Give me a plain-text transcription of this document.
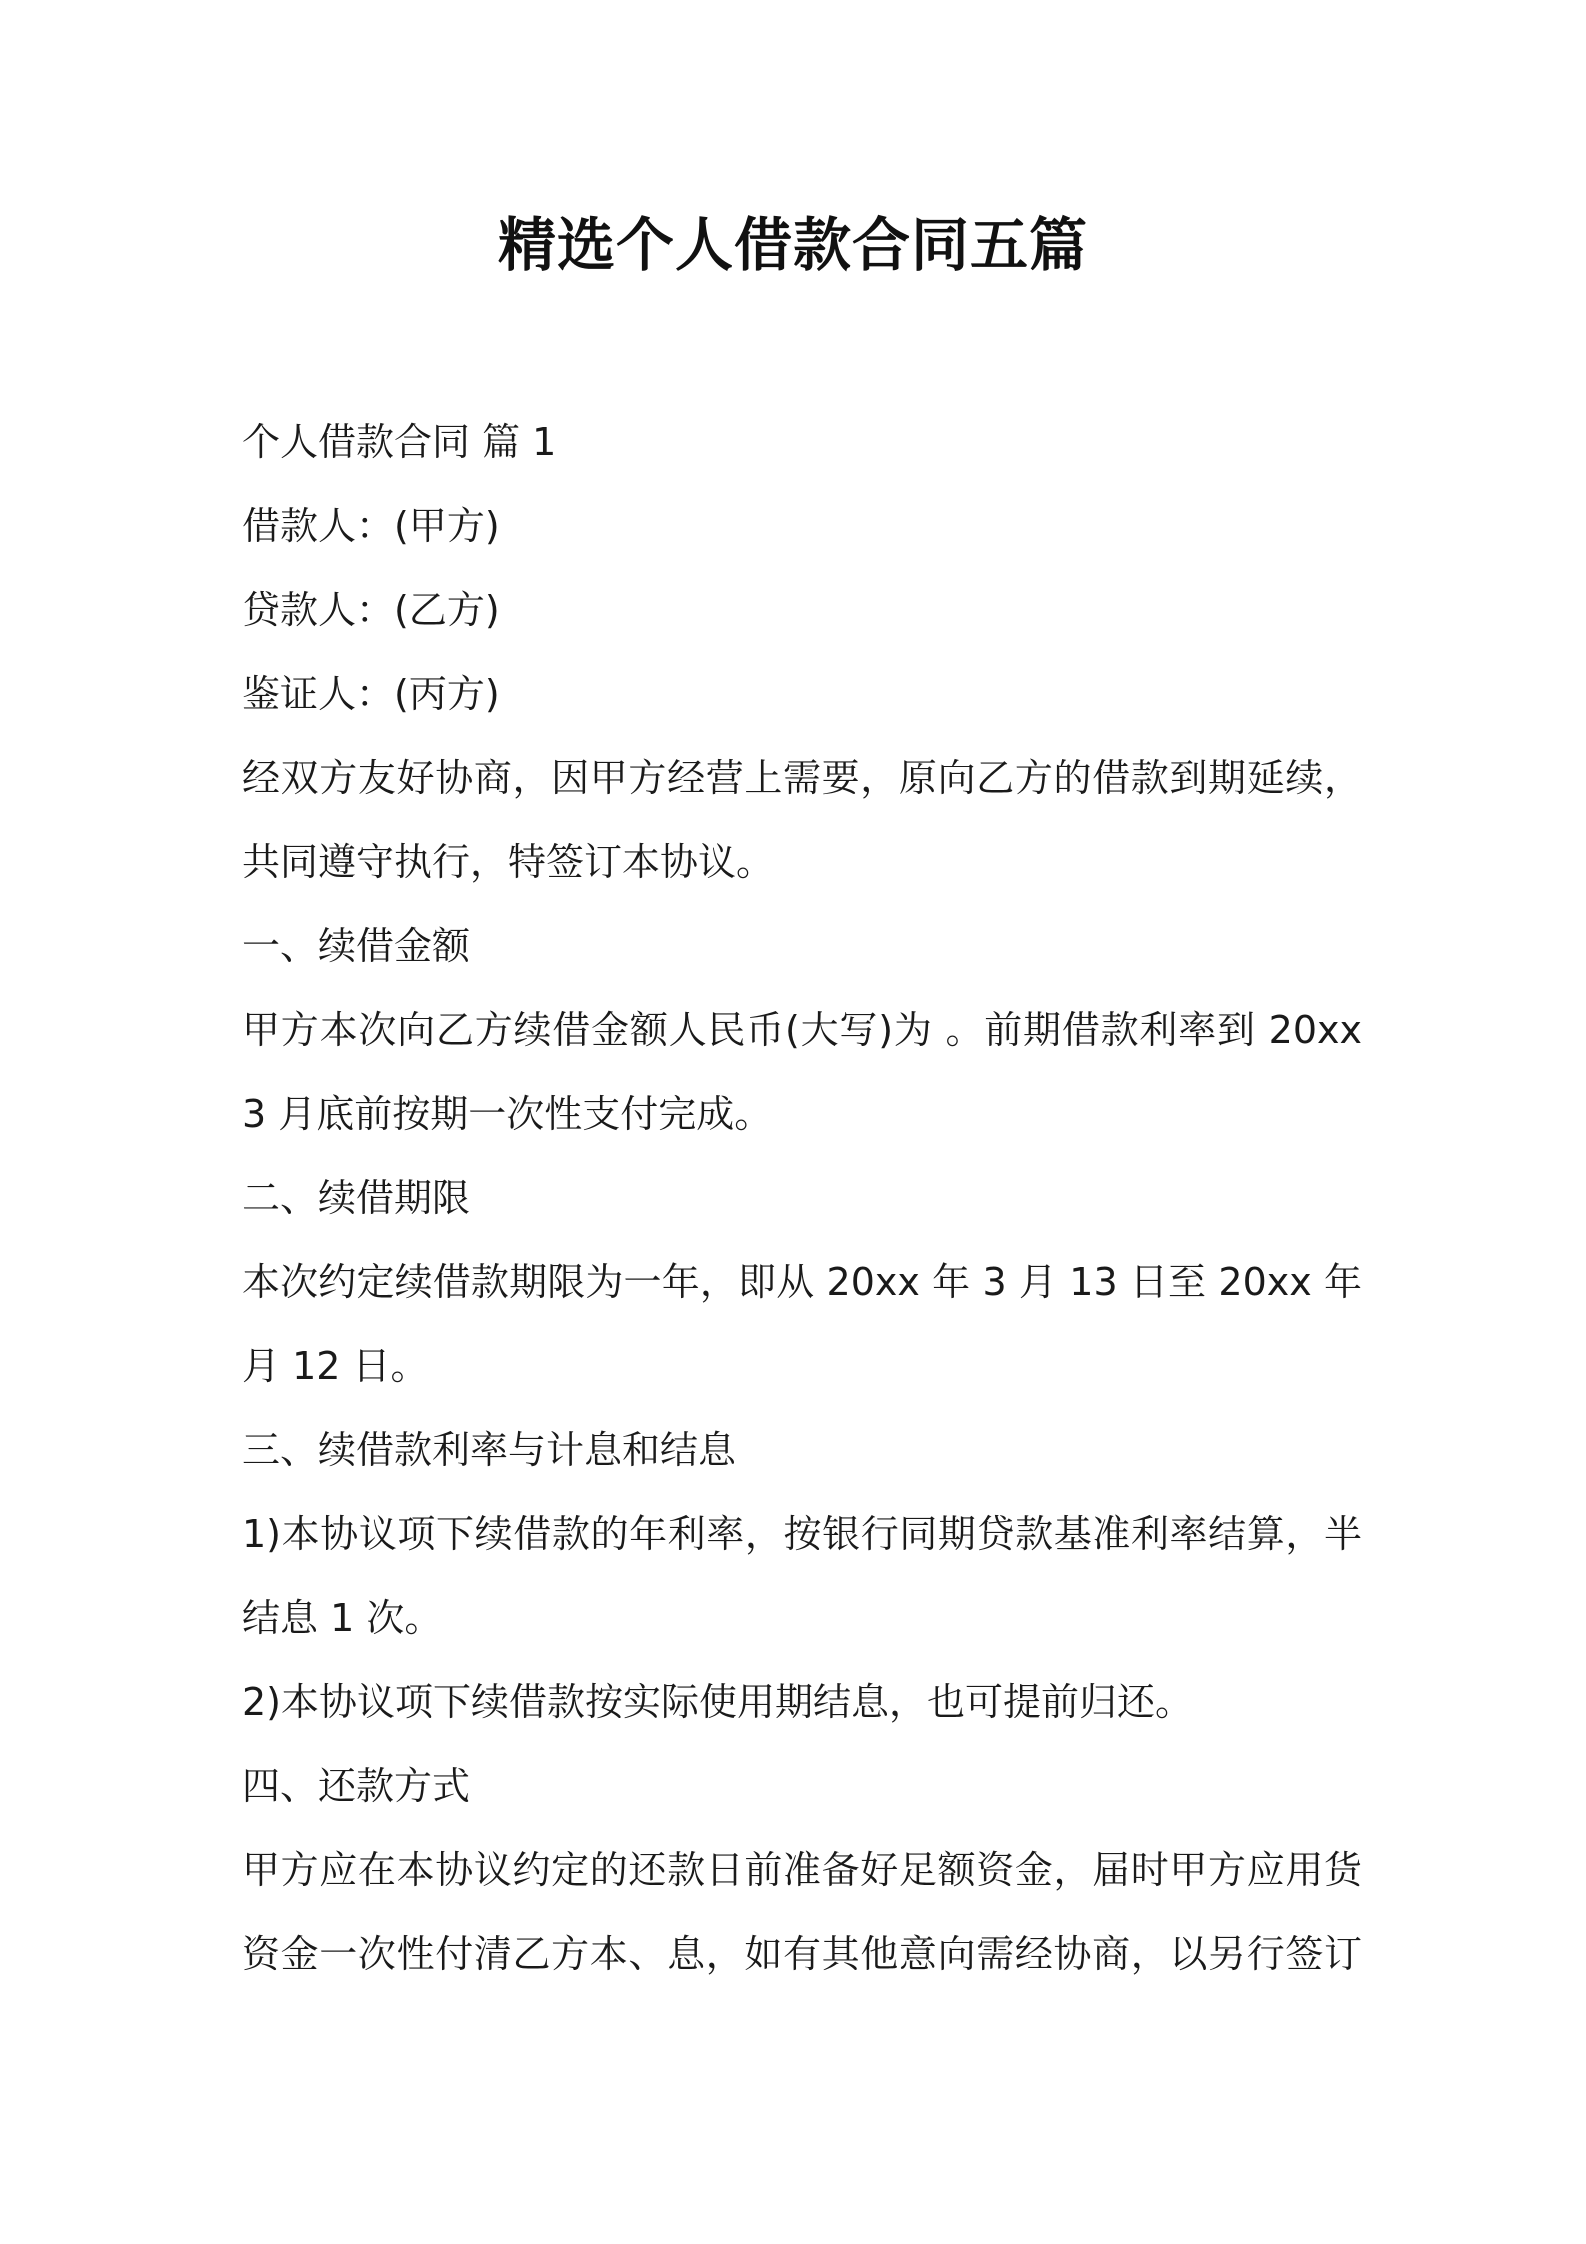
精选个人借款合同五篇

个人借款合同 篇 1

借款人：(甲方)

贷款人：(乙方)

鉴证人：(丙方)

经双方友好协商，因甲方经营上需要，原向乙方的借款到期延续，

共同遵守执行，特签订本协议。

一、续借金额

甲方本次向乙方续借金额人民币(大写)为 。前期借款利率到 20xx

3 月底前按期一次性支付完成。

二、续借期限

本次约定续借款期限为一年，即从 20xx 年 3 月 13 日至 20xx 年

月 12 日。

三、续借款利率与计息和结息

1)本协议项下续借款的年利率，按银行同期贷款基准利率结算，半

结息 1 次。

2)本协议项下续借款按实际使用期结息，也可提前归还。

四、还款方式

甲方应在本协议约定的还款日前准备好足额资金，届时甲方应用货

资金一次性付清乙方本、息，如有其他意向需经协商，以另行签订
